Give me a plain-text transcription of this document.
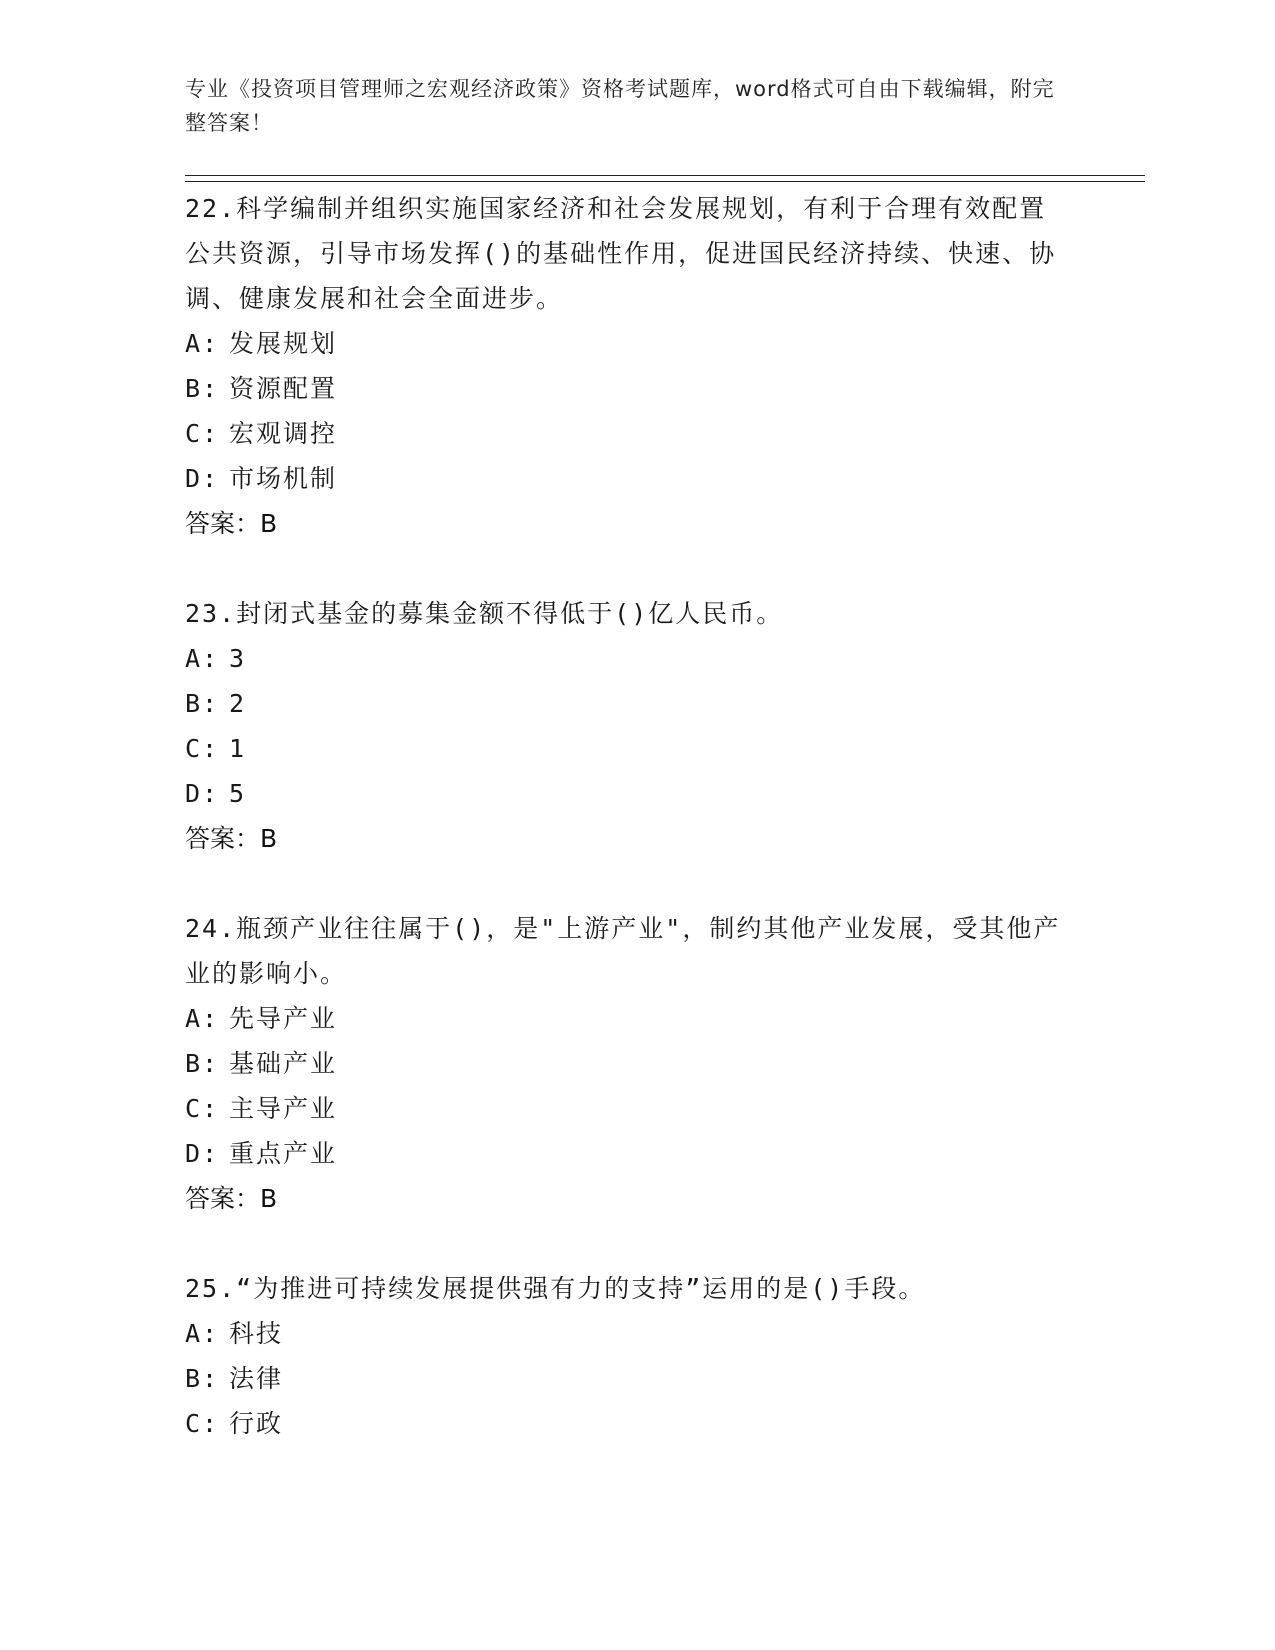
专业《投资项目管理师之宏观经济政策》资格考试题库，word格式可自由下载编辑，附完整答案！

22.科学编制并组织实施国家经济和社会发展规划，有利于合理有效配置公共资源，引导市场发挥()的基础性作用，促进国民经济持续、快速、协调、健康发展和社会全面进步。

A: 发展规划
B: 资源配置
C: 宏观调控
D: 市场机制
答案：B

23.封闭式基金的募集金额不得低于()亿人民币。

A: 3
B: 2
C: 1
D: 5
答案：B

24.瓶颈产业往往属于()，是"上游产业"，制约其他产业发展，受其他产业的影响小。

A: 先导产业
B: 基础产业
C: 主导产业
D: 重点产业
答案：B

25.“为推进可持续发展提供强有力的支持”运用的是()手段。

A: 科技
B: 法律
C: 行政
